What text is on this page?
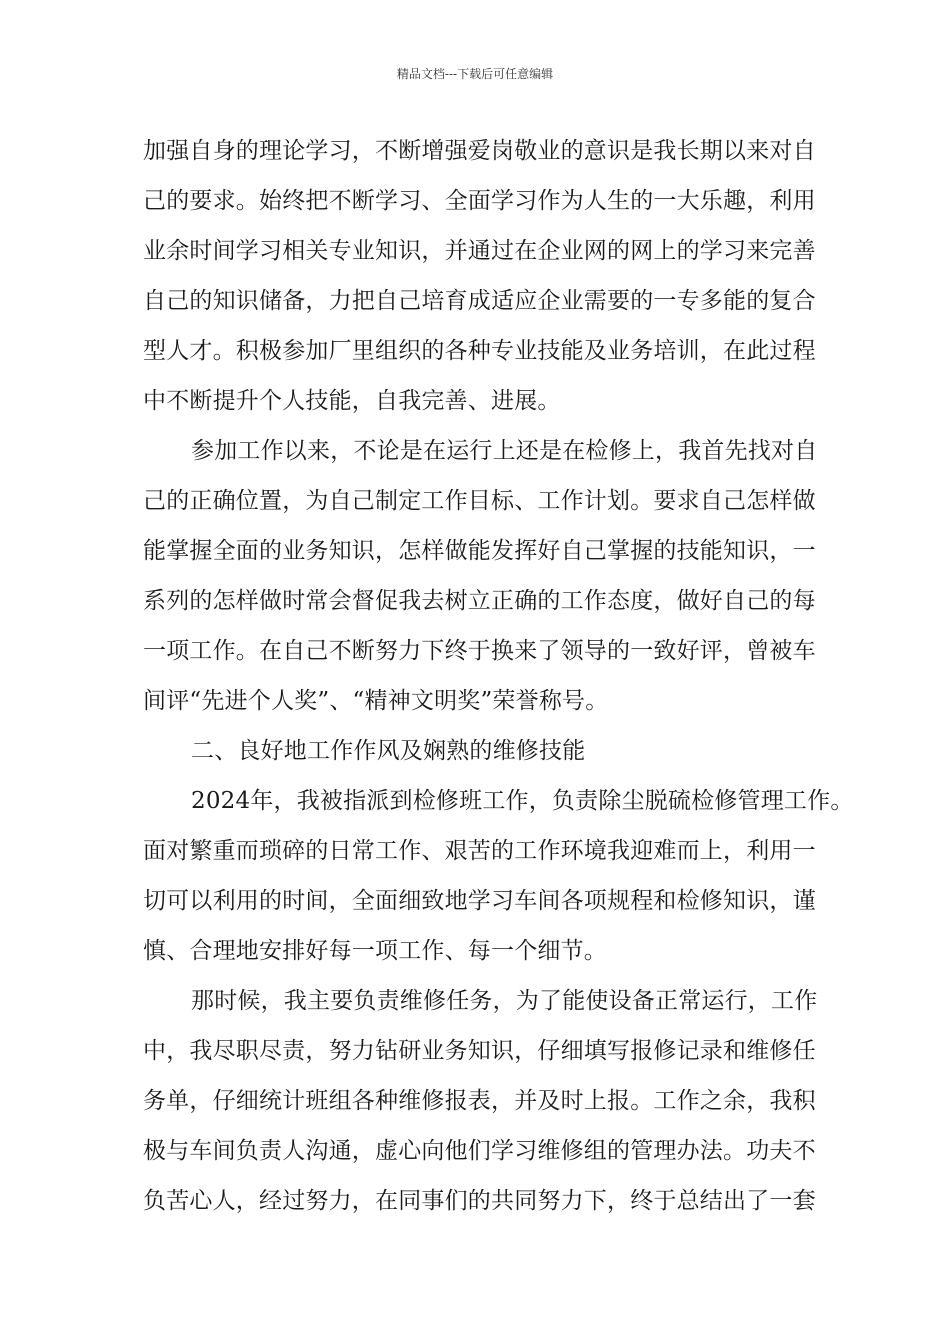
精品文档---下载后可任意编辑
加强自身的理论学习，不断增强爱岗敬业的意识是我长期以来对自
己的要求。始终把不断学习、全面学习作为人生的一大乐趣，利用
业余时间学习相关专业知识，并通过在企业网的网上的学习来完善
自己的知识储备，力把自己培育成适应企业需要的一专多能的复合
型人才。积极参加厂里组织的各种专业技能及业务培训，在此过程
中不断提升个人技能，自我完善、进展。
参加工作以来，不论是在运行上还是在检修上，我首先找对自
己的正确位置，为自己制定工作目标、工作计划。要求自己怎样做
能掌握全面的业务知识，怎样做能发挥好自己掌握的技能知识，一
系列的怎样做时常会督促我去树立正确的工作态度，做好自己的每
一项工作。在自己不断努力下终于换来了领导的一致好评，曾被车
间评“先进个人奖”、“精神文明奖”荣誉称号。
二、良好地工作作风及娴熟的维修技能
2024年，我被指派到检修班工作，负责除尘脱硫检修管理工作。
面对繁重而琐碎的日常工作、艰苦的工作环境我迎难而上，利用一
切可以利用的时间，全面细致地学习车间各项规程和检修知识，谨
慎、合理地安排好每一项工作、每一个细节。
那时候，我主要负责维修任务，为了能使设备正常运行，工作
中，我尽职尽责，努力钻研业务知识，仔细填写报修记录和维修任
务单，仔细统计班组各种维修报表，并及时上报。工作之余，我积
极与车间负责人沟通，虚心向他们学习维修组的管理办法。功夫不
负苦心人，经过努力，在同事们的共同努力下，终于总结出了一套
